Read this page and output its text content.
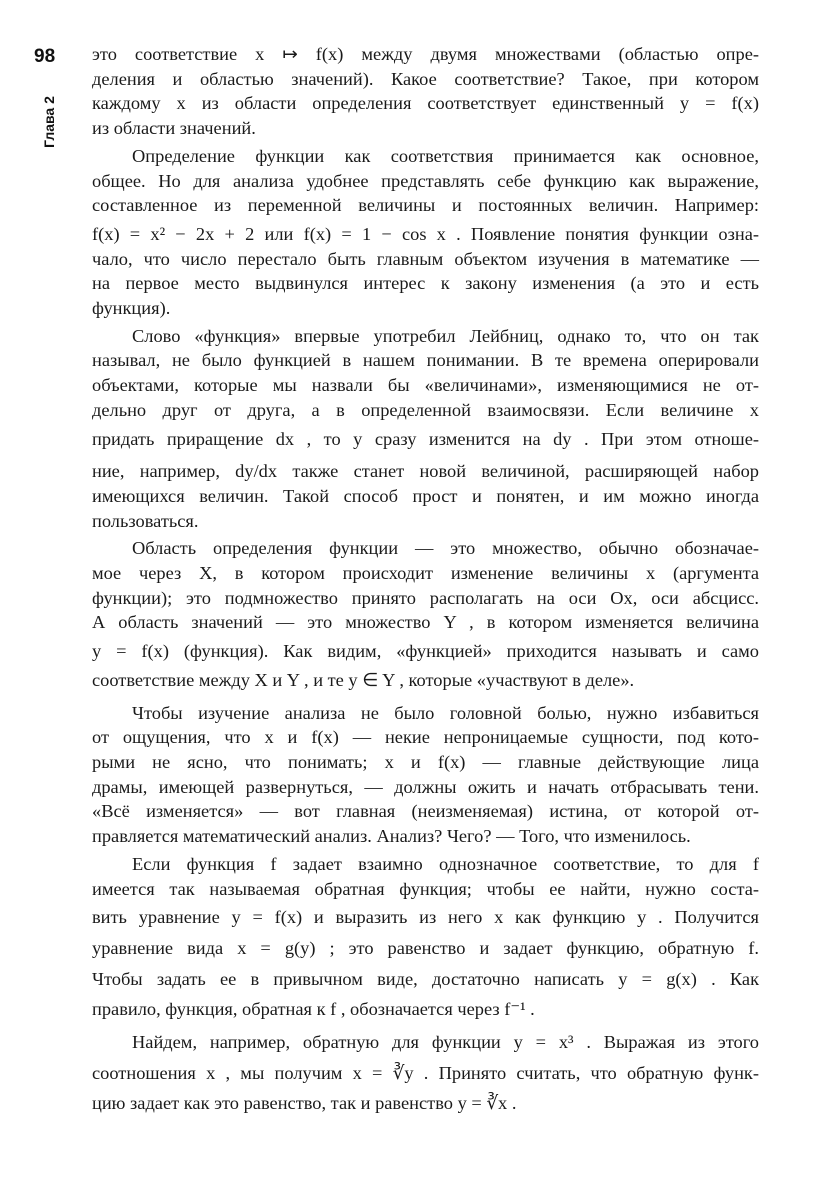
98
Глава 2
это соответствие x ↦ f(x) между двумя множествами (областью опре-
деления и областью значений). Какое соответствие? Такое, при котором
каждому x из области определения соответствует единственный y = f(x)
из области значений.
Определение функции как соответствия принимается как основное,
общее. Но для анализа удобнее представлять себе функцию как выражение,
составленное из переменной величины и постоянных величин. Например:
f(x) = x² − 2x + 2 или f(x) = 1 − cos x . Появление понятия функции озна-
чало, что число перестало быть главным объектом изучения в математике —
на первое место выдвинулся интерес к закону изменения (а это и есть
функция).
Слово «функция» впервые употребил Лейбниц, однако то, что он так
называл, не было функцией в нашем понимании. В те времена оперировали
объектами, которые мы назвали бы «величинами», изменяющимися не от-
дельно друг от друга, а в определенной взаимосвязи. Если величине x
придать приращение dx , то y сразу изменится на dy . При этом отноше-
ние, например, dy/dx также станет новой величиной, расширяющей набор
имеющихся величин. Такой способ прост и понятен, и им можно иногда
пользоваться.
Область определения функции — это множество, обычно обозначае-
мое через X, в котором происходит изменение величины x (аргумента
функции); это подмножество принято располагать на оси Ox, оси абсцисс.
А область значений — это множество Y , в котором изменяется величина
y = f(x) (функция). Как видим, «функцией» приходится называть и само
соответствие между X и Y , и те y ∈ Y , которые «участвуют в деле».
Чтобы изучение анализа не было головной болью, нужно избавиться
от ощущения, что x и f(x) — некие непроницаемые сущности, под кото-
рыми не ясно, что понимать; x и f(x) — главные действующие лица
драмы, имеющей развернуться, — должны ожить и начать отбрасывать тени.
«Всё изменяется» — вот главная (неизменяемая) истина, от которой от-
правляется математический анализ. Анализ? Чего? — Того, что изменилось.
Если функция f задает взаимно однозначное соответствие, то для f
имеется так называемая обратная функция; чтобы ее найти, нужно соста-
вить уравнение y = f(x) и выразить из него x как функцию y . Получится
уравнение вида x = g(y) ; это равенство и задает функцию, обратную f.
Чтобы задать ее в привычном виде, достаточно написать y = g(x) . Как
правило, функция, обратная к f , обозначается через f⁻¹ .
Найдем, например, обратную для функции y = x³ . Выражая из этого
соотношения x , мы получим x = ∛y . Принято считать, что обратную функ-
цию задает как это равенство, так и равенство y = ∛x .
